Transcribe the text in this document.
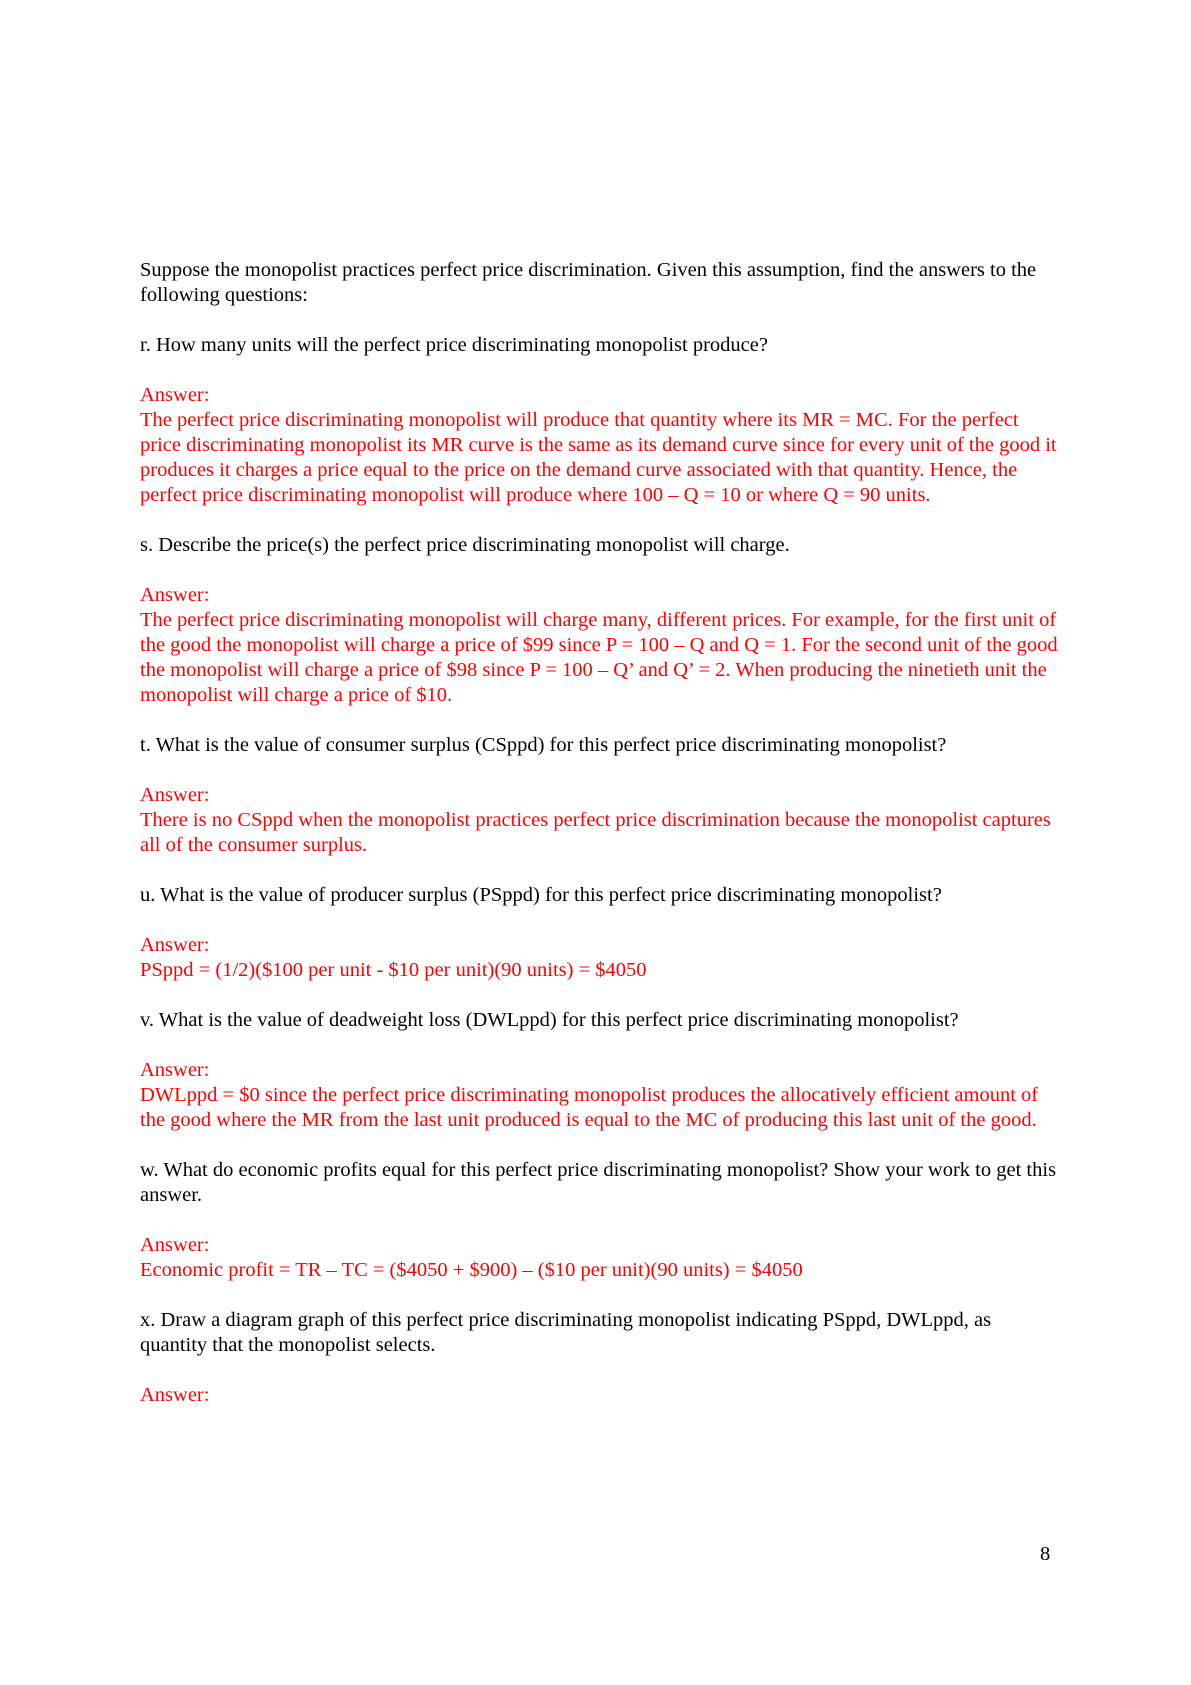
Suppose the monopolist practices perfect price discrimination. Given this assumption, find the answers to the following questions:

r. How many units will the perfect price discriminating monopolist produce?

Answer:

The perfect price discriminating monopolist will produce that quantity where its MR = MC. For the perfect price discriminating monopolist its MR curve is the same as its demand curve since for every unit of the good it produces it charges a price equal to the price on the demand curve associated with that quantity. Hence, the perfect price discriminating monopolist will produce where 100 – Q = 10 or where Q = 90 units.

s. Describe the price(s) the perfect price discriminating monopolist will charge.

Answer:

The perfect price discriminating monopolist will charge many, different prices. For example, for the first unit of the good the monopolist will charge a price of $99 since P = 100 – Q and Q = 1. For the second unit of the good the monopolist will charge a price of $98 since P = 100 – Q’ and Q’ = 2. When producing the ninetieth unit the monopolist will charge a price of $10.

t. What is the value of consumer surplus (CSppd) for this perfect price discriminating monopolist?

Answer:

There is no CSppd when the monopolist practices perfect price discrimination because the monopolist captures all of the consumer surplus.

u. What is the value of producer surplus (PSppd) for this perfect price discriminating monopolist?

Answer:

PSppd = (1/2)($100 per unit - $10 per unit)(90 units) = $4050

v. What is the value of deadweight loss (DWLppd) for this perfect price discriminating monopolist?

Answer:

DWLppd = $0 since the perfect price discriminating monopolist produces the allocatively efficient amount of the good where the MR from the last unit produced is equal to the MC of producing this last unit of the good.

w. What do economic profits equal for this perfect price discriminating monopolist? Show your work to get this answer.

Answer:

Economic profit = TR – TC = ($4050 + $900) – ($10 per unit)(90 units) = $4050

x. Draw a diagram graph of this perfect price discriminating monopolist indicating PSppd, DWLppd, as quantity that the monopolist selects.

Answer:

8
